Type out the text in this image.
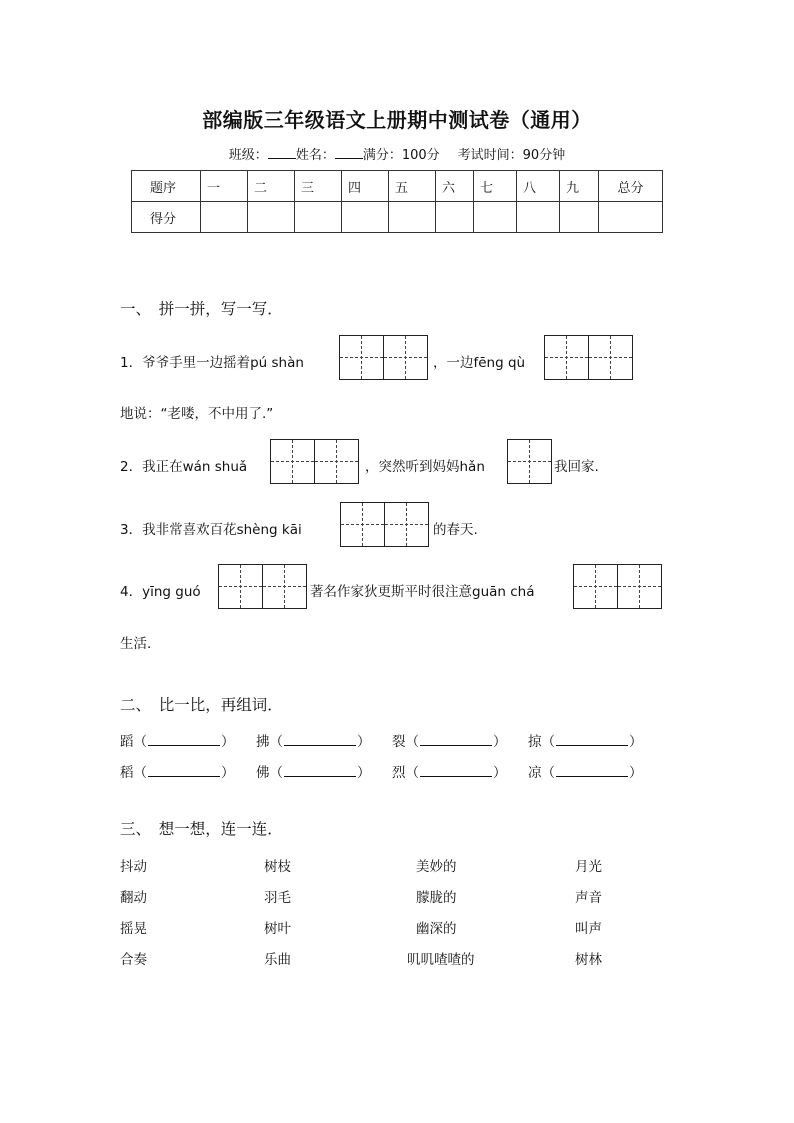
部编版三年级语文上册期中测试卷（通用）
班级： 姓名： 满分：100分 考试时间：90分钟
题序	一	二	三	四	五	六	七	八	九	总分
得分										
一、　拼一拼，写一写．
1．爷爷手里一边摇着pú shàn	，一边fēng qù
地说：“老喽，不中用了.”
2．我正在wán shuǎ	，突然听到妈妈hǎn	我回家.
3．我非常喜欢百花shèng kāi	的春天.
4．yīng guó	著名作家狄更斯平时很注意guān chá
生活.
二、　比一比，再组词．
蹈（	） 拂（	） 裂（	） 掠（	）
稻（	） 佛（	） 烈（	） 凉（	）
三、　想一想，连一连．
抖动	树枝	美妙的	月光
翻动	羽毛	朦胧的	声音
摇晃	树叶	幽深的	叫声
合奏	乐曲	叽叽喳喳的	树林
